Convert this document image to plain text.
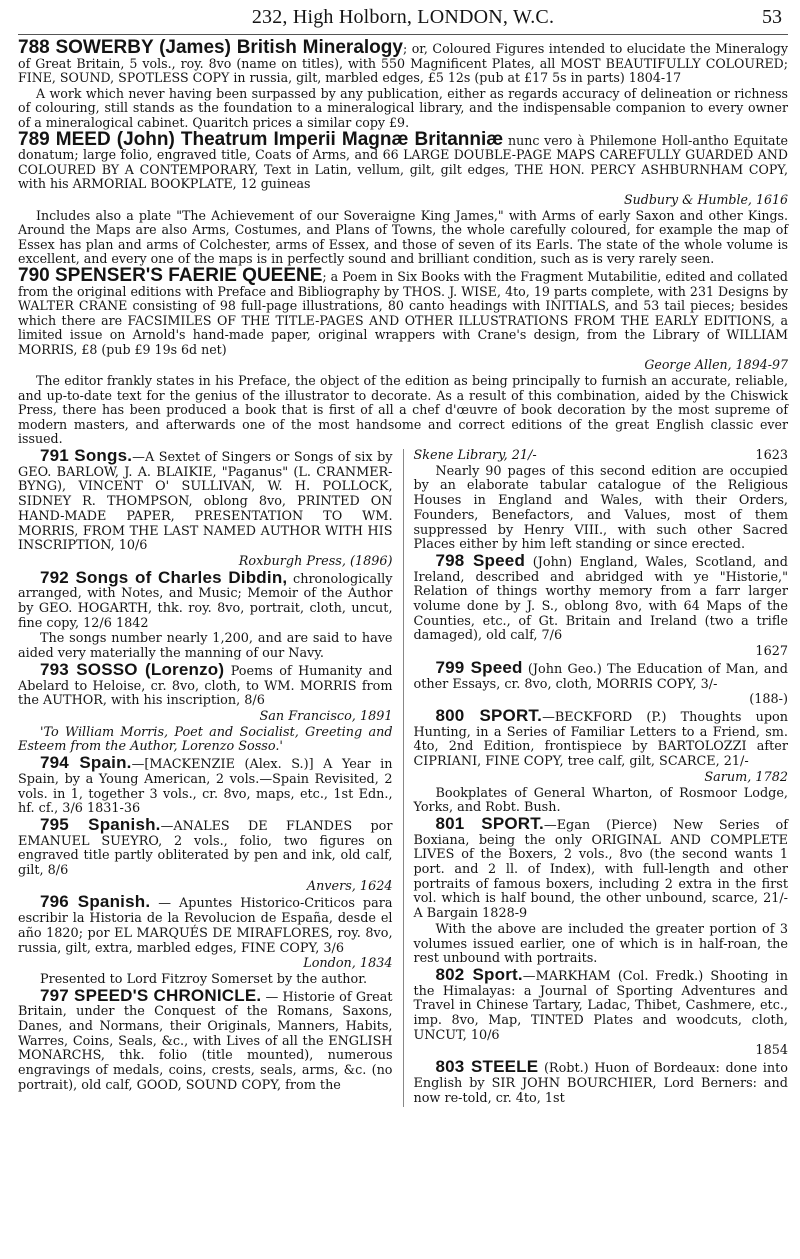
232, High Holborn, LONDON, W.C.	53

788 SOWERBY (James) British Mineralogy; or, Coloured Figures intended to elucidate the Mineralogy of Great Britain, 5 vols., roy. 8vo (name on titles), with 550 Magnificent Plates, all MOST BEAUTIFULLY COLOURED; FINE, SOUND, SPOTLESS COPY in russia, gilt, marbled edges, £5 12s (pub at £17 5s in parts) 1804-17

A work which never having been surpassed by any publication, either as regards accuracy of delineation or richness of colouring, still stands as the foundation to a mineralogical library, and the indispensable companion to every owner of a mineralogical cabinet. Quaritch prices a similar copy £9.

789 MEED (John) Theatrum Imperii Magnæ Britanniæ nunc vero à Philemone Holl-antho Equitate donatum; large folio, engraved title, Coats of Arms, and 66 LARGE DOUBLE-PAGE MAPS CAREFULLY GUARDED AND COLOURED BY A CONTEMPORARY, Text in Latin, vellum, gilt, gilt edges, THE HON. PERCY ASHBURNHAM COPY, with his ARMORIAL BOOKPLATE, 12 guineas

Sudbury & Humble, 1616

Includes also a plate "The Achievement of our Soveraigne King James," with Arms of early Saxon and other Kings. Around the Maps are also Arms, Costumes, and Plans of Towns, the whole carefully coloured, for example the map of Essex has plan and arms of Colchester, arms of Essex, and those of seven of its Earls. The state of the whole volume is excellent, and every one of the maps is in perfectly sound and brilliant condition, such as is very rarely seen.

790 SPENSER'S FAERIE QUEENE; a Poem in Six Books with the Fragment Mutabilitie, edited and collated from the original editions with Preface and Bibliography by THOS. J. WISE, 4to, 19 parts complete, with 231 Designs by WALTER CRANE consisting of 98 full-page illustrations, 80 canto headings with INITIALS, and 53 tail pieces; besides which there are FACSIMILES OF THE TITLE-PAGES AND OTHER ILLUSTRATIONS FROM THE EARLY EDITIONS, a limited issue on Arnold's hand-made paper, original wrappers with Crane's design, from the Library of WILLIAM MORRIS, £8 (pub £9 19s 6d net)

George Allen, 1894-97

The editor frankly states in his Preface, the object of the edition as being principally to furnish an accurate, reliable, and up-to-date text for the genius of the illustrator to decorate. As a result of this combination, aided by the Chiswick Press, there has been produced a book that is first of all a chef d'œuvre of book decoration by the most supreme of modern masters, and afterwards one of the most handsome and correct editions of the great English classic ever issued.

791 Songs.—A Sextet of Singers or Songs of six by GEO. BARLOW, J. A. BLAIKIE, "Paganus" (L. CRANMER-BYNG), VINCENT O' SULLIVAN, W. H. POLLOCK, SIDNEY R. THOMPSON, oblong 8vo, PRINTED ON HAND-MADE PAPER, PRESENTATION TO WM. MORRIS, FROM THE LAST NAMED AUTHOR WITH HIS INSCRIPTION, 10/6

Roxburgh Press, (1896)

792 Songs of Charles Dibdin, chronologically arranged, with Notes, and Music; Memoir of the Author by GEO. HOGARTH, thk. roy. 8vo, portrait, cloth, uncut, fine copy, 12/6 1842

The songs number nearly 1,200, and are said to have aided very materially the manning of our Navy.

793 SOSSO (Lorenzo) Poems of Humanity and Abelard to Heloise, cr. 8vo, cloth, to WM. MORRIS from the AUTHOR, with his inscription, 8/6

San Francisco, 1891

'To William Morris, Poet and Socialist, Greeting and Esteem from the Author, Lorenzo Sosso.'

794 Spain.—[MACKENZIE (Alex. S.)] A Year in Spain, by a Young American, 2 vols.—Spain Revisited, 2 vols. in 1, together 3 vols., cr. 8vo, maps, etc., 1st Edn., hf. cf., 3/6 1831-36

795 Spanish.—ANALES DE FLANDES por EMANUEL SUEYRO, 2 vols., folio, two figures on engraved title partly obliterated by pen and ink, old calf, gilt, 8/6

Anvers, 1624

796 Spanish. — Apuntes Historico-Criticos para escribir la Historia de la Revolucion de España, desde el año 1820; por EL MARQUÉS DE MIRAFLORES, roy. 8vo, russia, gilt, extra, marbled edges, FINE COPY, 3/6

London, 1834

Presented to Lord Fitzroy Somerset by the author.

797 SPEED'S CHRONICLE. — Historie of Great Britain, under the Conquest of the Romans, Saxons, Danes, and Normans, their Originals, Manners, Habits, Warres, Coins, Seals, &c., with Lives of all the ENGLISH MONARCHS, thk. folio (title mounted), numerous engravings of medals, coins, crests, seals, arms, &c. (no portrait), old calf, GOOD, SOUND COPY, from the

Skene Library, 21/-	1623

Nearly 90 pages of this second edition are occupied by an elaborate tabular catalogue of the Religious Houses in England and Wales, with their Orders, Founders, Benefactors, and Values, most of them suppressed by Henry VIII., with such other Sacred Places either by him left standing or since erected.

798 Speed (John) England, Wales, Scotland, and Ireland, described and abridged with ye "Historie," Relation of things worthy memory from a farr larger volume done by J. S., oblong 8vo, with 64 Maps of the Counties, etc., of Gt. Britain and Ireland (two a trifle damaged), old calf, 7/6

1627

799 Speed (John Geo.) The Education of Man, and other Essays, cr. 8vo, cloth, MORRIS COPY, 3/-

(188-)

800 SPORT.—BECKFORD (P.) Thoughts upon Hunting, in a Series of Familiar Letters to a Friend, sm. 4to, 2nd Edition, frontispiece by BARTOLOZZI after CIPRIANI, FINE COPY, tree calf, gilt, SCARCE, 21/-

Sarum, 1782

Bookplates of General Wharton, of Rosmoor Lodge, Yorks, and Robt. Bush.

801 SPORT.—Egan (Pierce) New Series of Boxiana, being the only ORIGINAL AND COMPLETE LIVES of the Boxers, 2 vols., 8vo (the second wants 1 port. and 2 ll. of Index), with full-length and other portraits of famous boxers, including 2 extra in the first vol. which is half bound, the other unbound, scarce, 21/- A Bargain 1828-9

With the above are included the greater portion of 3 volumes issued earlier, one of which is in half-roan, the rest unbound with portraits.

802 Sport.—MARKHAM (Col. Fredk.) Shooting in the Himalayas: a Journal of Sporting Adventures and Travel in Chinese Tartary, Ladac, Thibet, Cashmere, etc., imp. 8vo, Map, TINTED Plates and woodcuts, cloth, UNCUT, 10/6

1854

803 STEELE (Robt.) Huon of Bordeaux: done into English by SIR JOHN BOURCHIER, Lord Berners: and now re-told, cr. 4to, 1st
